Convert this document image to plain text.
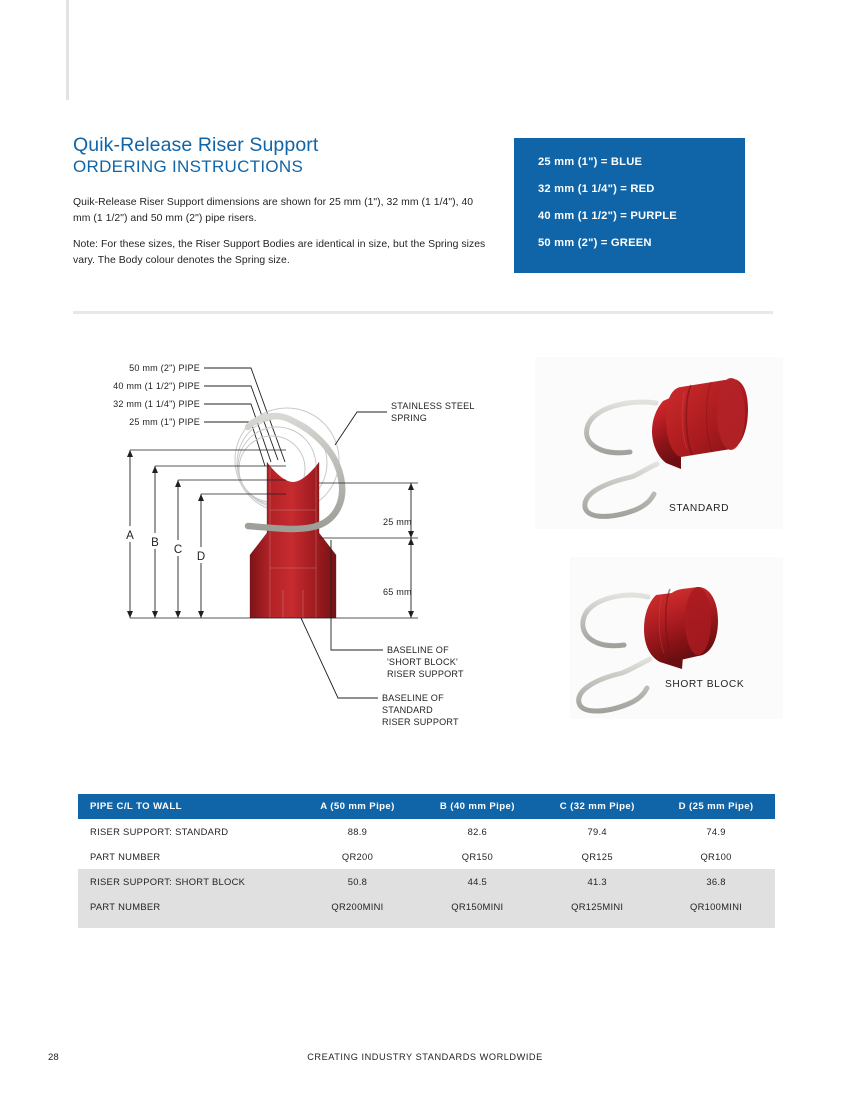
Quik-Release Riser Support
ORDERING INSTRUCTIONS

Quik-Release Riser Support dimensions are shown for 25 mm (1"), 32 mm (1 1/4"), 40 mm (1 1/2") and 50 mm (2") pipe risers.

Note: For these sizes, the Riser Support Bodies are identical in size, but the Spring sizes vary. The Body colour denotes the Spring size.

25 mm (1") = BLUE
32 mm (1 1/4") = RED
40 mm (1 1/2") = PURPLE
50 mm (2") = GREEN
50 mm (2") PIPE
40 mm (1 1/2") PIPE
32 mm (1 1/4") PIPE
25 mm (1") PIPE
STAINLESS STEEL
SPRING
A
B
C
D
25 mm
65 mm
BASELINE OF
'SHORT BLOCK'
RISER SUPPORT
BASELINE OF
STANDARD
RISER SUPPORT
STANDARD
SHORT BLOCK
PIPE C/L TO WALL	A (50 mm Pipe)	B (40 mm Pipe)	C (32 mm Pipe)	D (25 mm Pipe)
RISER SUPPORT: STANDARD	88.9	82.6	79.4	74.9
PART NUMBER	QR200	QR150	QR125	QR100
RISER SUPPORT: SHORT BLOCK	50.8	44.5	41.3	36.8
PART NUMBER	QR200MINI	QR150MINI	QR125MINI	QR100MINI
28	CREATING INDUSTRY STANDARDS WORLDWIDE
